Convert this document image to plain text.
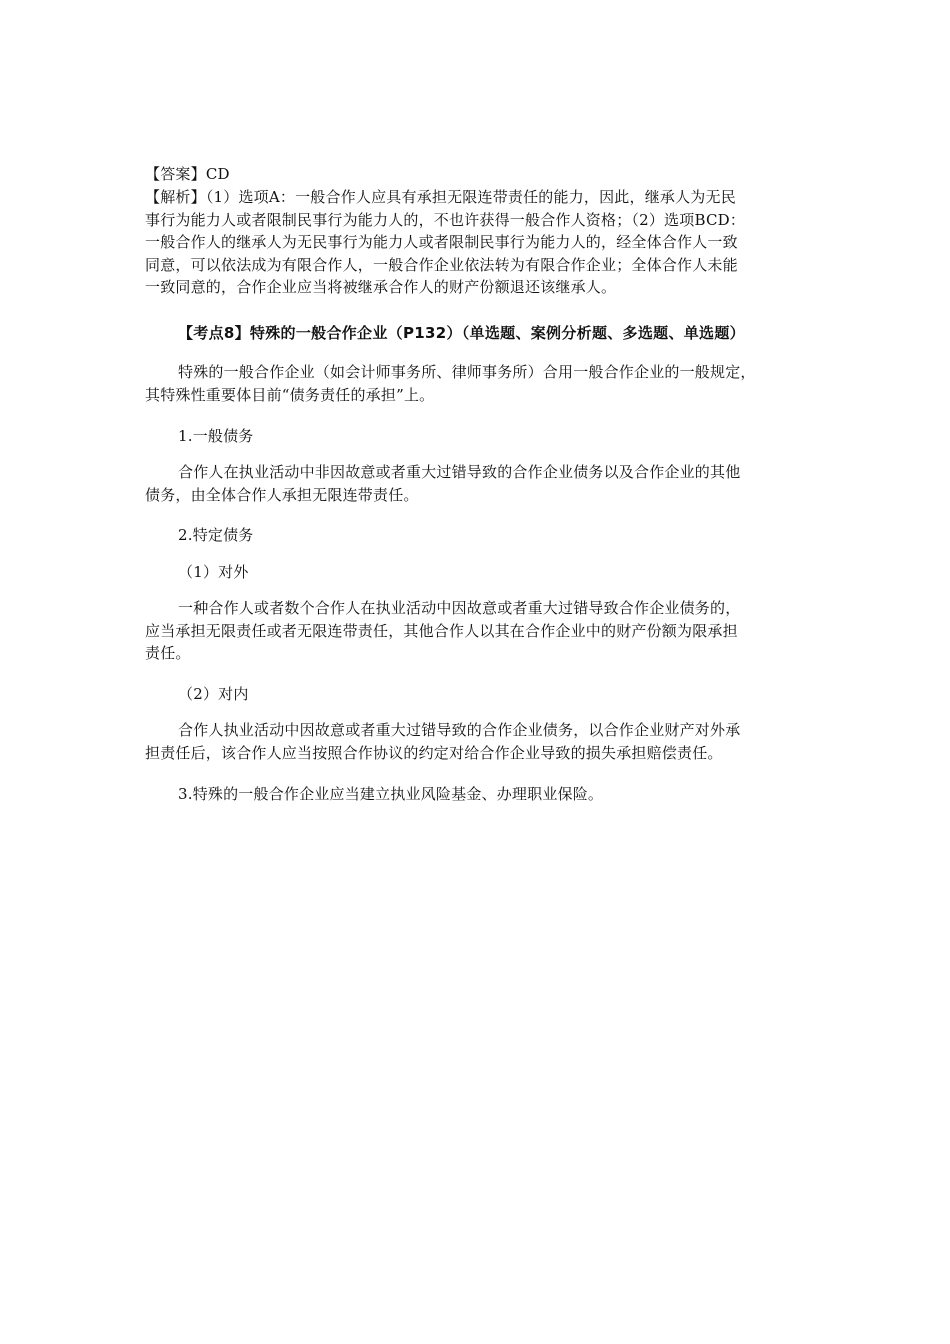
【答案】CD
【解析】（1）选项A：一般合作人应具有承担无限连带责任的能力，因此，继承人为无民
事行为能力人或者限制民事行为能力人的，不也许获得一般合作人资格；（2）选项BCD：
一般合作人的继承人为无民事行为能力人或者限制民事行为能力人的，经全体合作人一致
同意，可以依法成为有限合作人，一般合作企业依法转为有限合作企业；全体合作人未能
一致同意的，合作企业应当将被继承合作人的财产份额退还该继承人。
【考点8】特殊的一般合作企业（P132）（单选题、案例分析题、多选题、单选题）
特殊的一般合作企业（如会计师事务所、律师事务所）合用一般合作企业的一般规定，
其特殊性重要体目前“债务责任的承担”上。
1.一般债务
合作人在执业活动中非因故意或者重大过错导致的合作企业债务以及合作企业的其他
债务，由全体合作人承担无限连带责任。
2.特定债务
（1）对外
一种合作人或者数个合作人在执业活动中因故意或者重大过错导致合作企业债务的，
应当承担无限责任或者无限连带责任，其他合作人以其在合作企业中的财产份额为限承担
责任。
（2）对内
合作人执业活动中因故意或者重大过错导致的合作企业债务，以合作企业财产对外承
担责任后，该合作人应当按照合作协议的约定对给合作企业导致的损失承担赔偿责任。
3.特殊的一般合作企业应当建立执业风险基金、办理职业保险。
